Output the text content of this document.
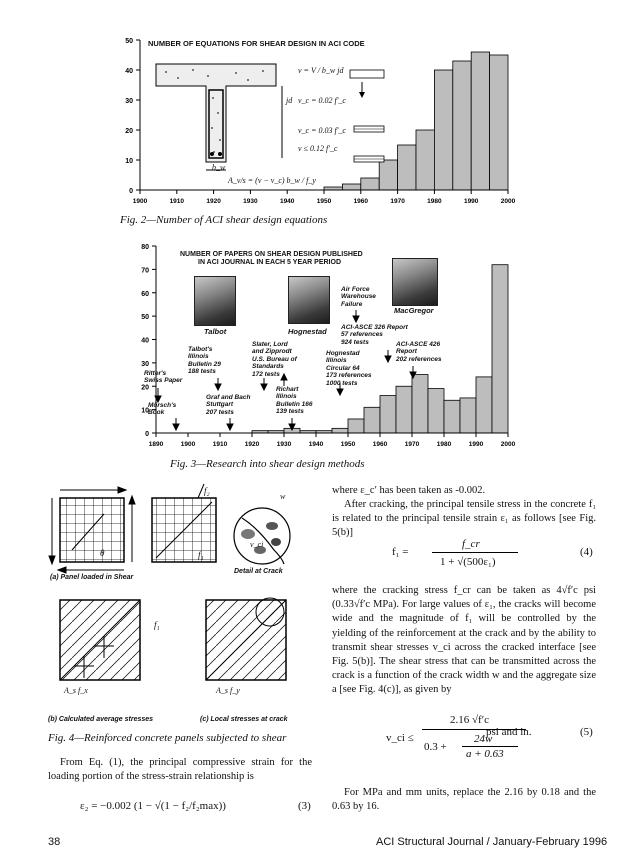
0
10
20
30
40
50
1900	1910	1920	1930	1940	1950	1960	1970	1980	1990	2000
NUMBER OF EQUATIONS FOR SHEAR DESIGN IN ACI CODE
jd
b_w
v = V / b_w jd
v_c = 0.02 f'_c
v_c = 0.03 f'_c
v ≤ 0.12 f'_c
A_v/s = (v − v_c) b_w / f_y
Fig. 2—Number of ACI shear design equations
0
10
20
30
40
50
60
70
80
1890	1900	1910	1920	1930	1940	1950	1960	1970	1980	1990	2000
NUMBER OF PAPERS ON SHEAR DESIGN PUBLISHED
IN ACI JOURNAL IN EACH 5 YEAR PERIOD
Talbot	Hognestad
MacGregor
Air Force
Warehouse
Failure
ACI-ASCE 326 Report
57 references
924 tests	ACI-ASCE 426
Report
202 references
Talbot's
Illinois
Bulletin 29
188 tests
Slater, Lord
and Zipprodt
U.S. Bureau of
Standards
172 tests
Hognestad
Illinois
Circular 64
173 references
1000 tests
Ritter's
Swiss Paper
Richart
Illinois
Bulletin 166
139 tests
Graf and Bach
Stuttgart
207 tests
Mörsch's
Book
Fig. 3—Research into shear design methods
f₂
f₁
f₁
θ
w
v_ci
A_s f_x	A_s f_y
(a) Panel loaded in Shear
Detail at Crack
(b) Calculated average stresses	(c) Local stresses at crack
Fig. 4—Reinforced concrete panels subjected to shear
From Eq. (1), the principal compressive strain for the loading portion of the stress-strain relationship is
ε₂ = −0.002 (1 − √(1 − f₂/f₂max))	(3)
where ε_c′ has been taken as -0.002.
After cracking, the principal tensile stress in the concrete f₁ is related to the principal tensile strain ε₁ as follows [see Fig. 5(b)]
f₁ =
f_cr
1 + √(500ε₁)
(4)
where the cracking stress f_cr can be taken as 4√f′c psi (0.33√f′c MPa). For large values of ε₁, the cracks will become wide and the magnitude of f₁ will be controlled by the yielding of the reinforcement at the crack and by the ability to transmit shear stresses v_ci across the cracked interface [see Fig. 5(b)]. The shear stress that can be transmitted across the crack is a function of the crack width w and the aggregate size a [see Fig. 4(c)], as given by
v_ci ≤
2.16 √f′c
0.3 +
24w
a + 0.63
psi and in.	(5)
For MPa and mm units, replace the 2.16 by 0.18 and the 0.63 by 16.
38	ACI Structural Journal / January-February 1996
